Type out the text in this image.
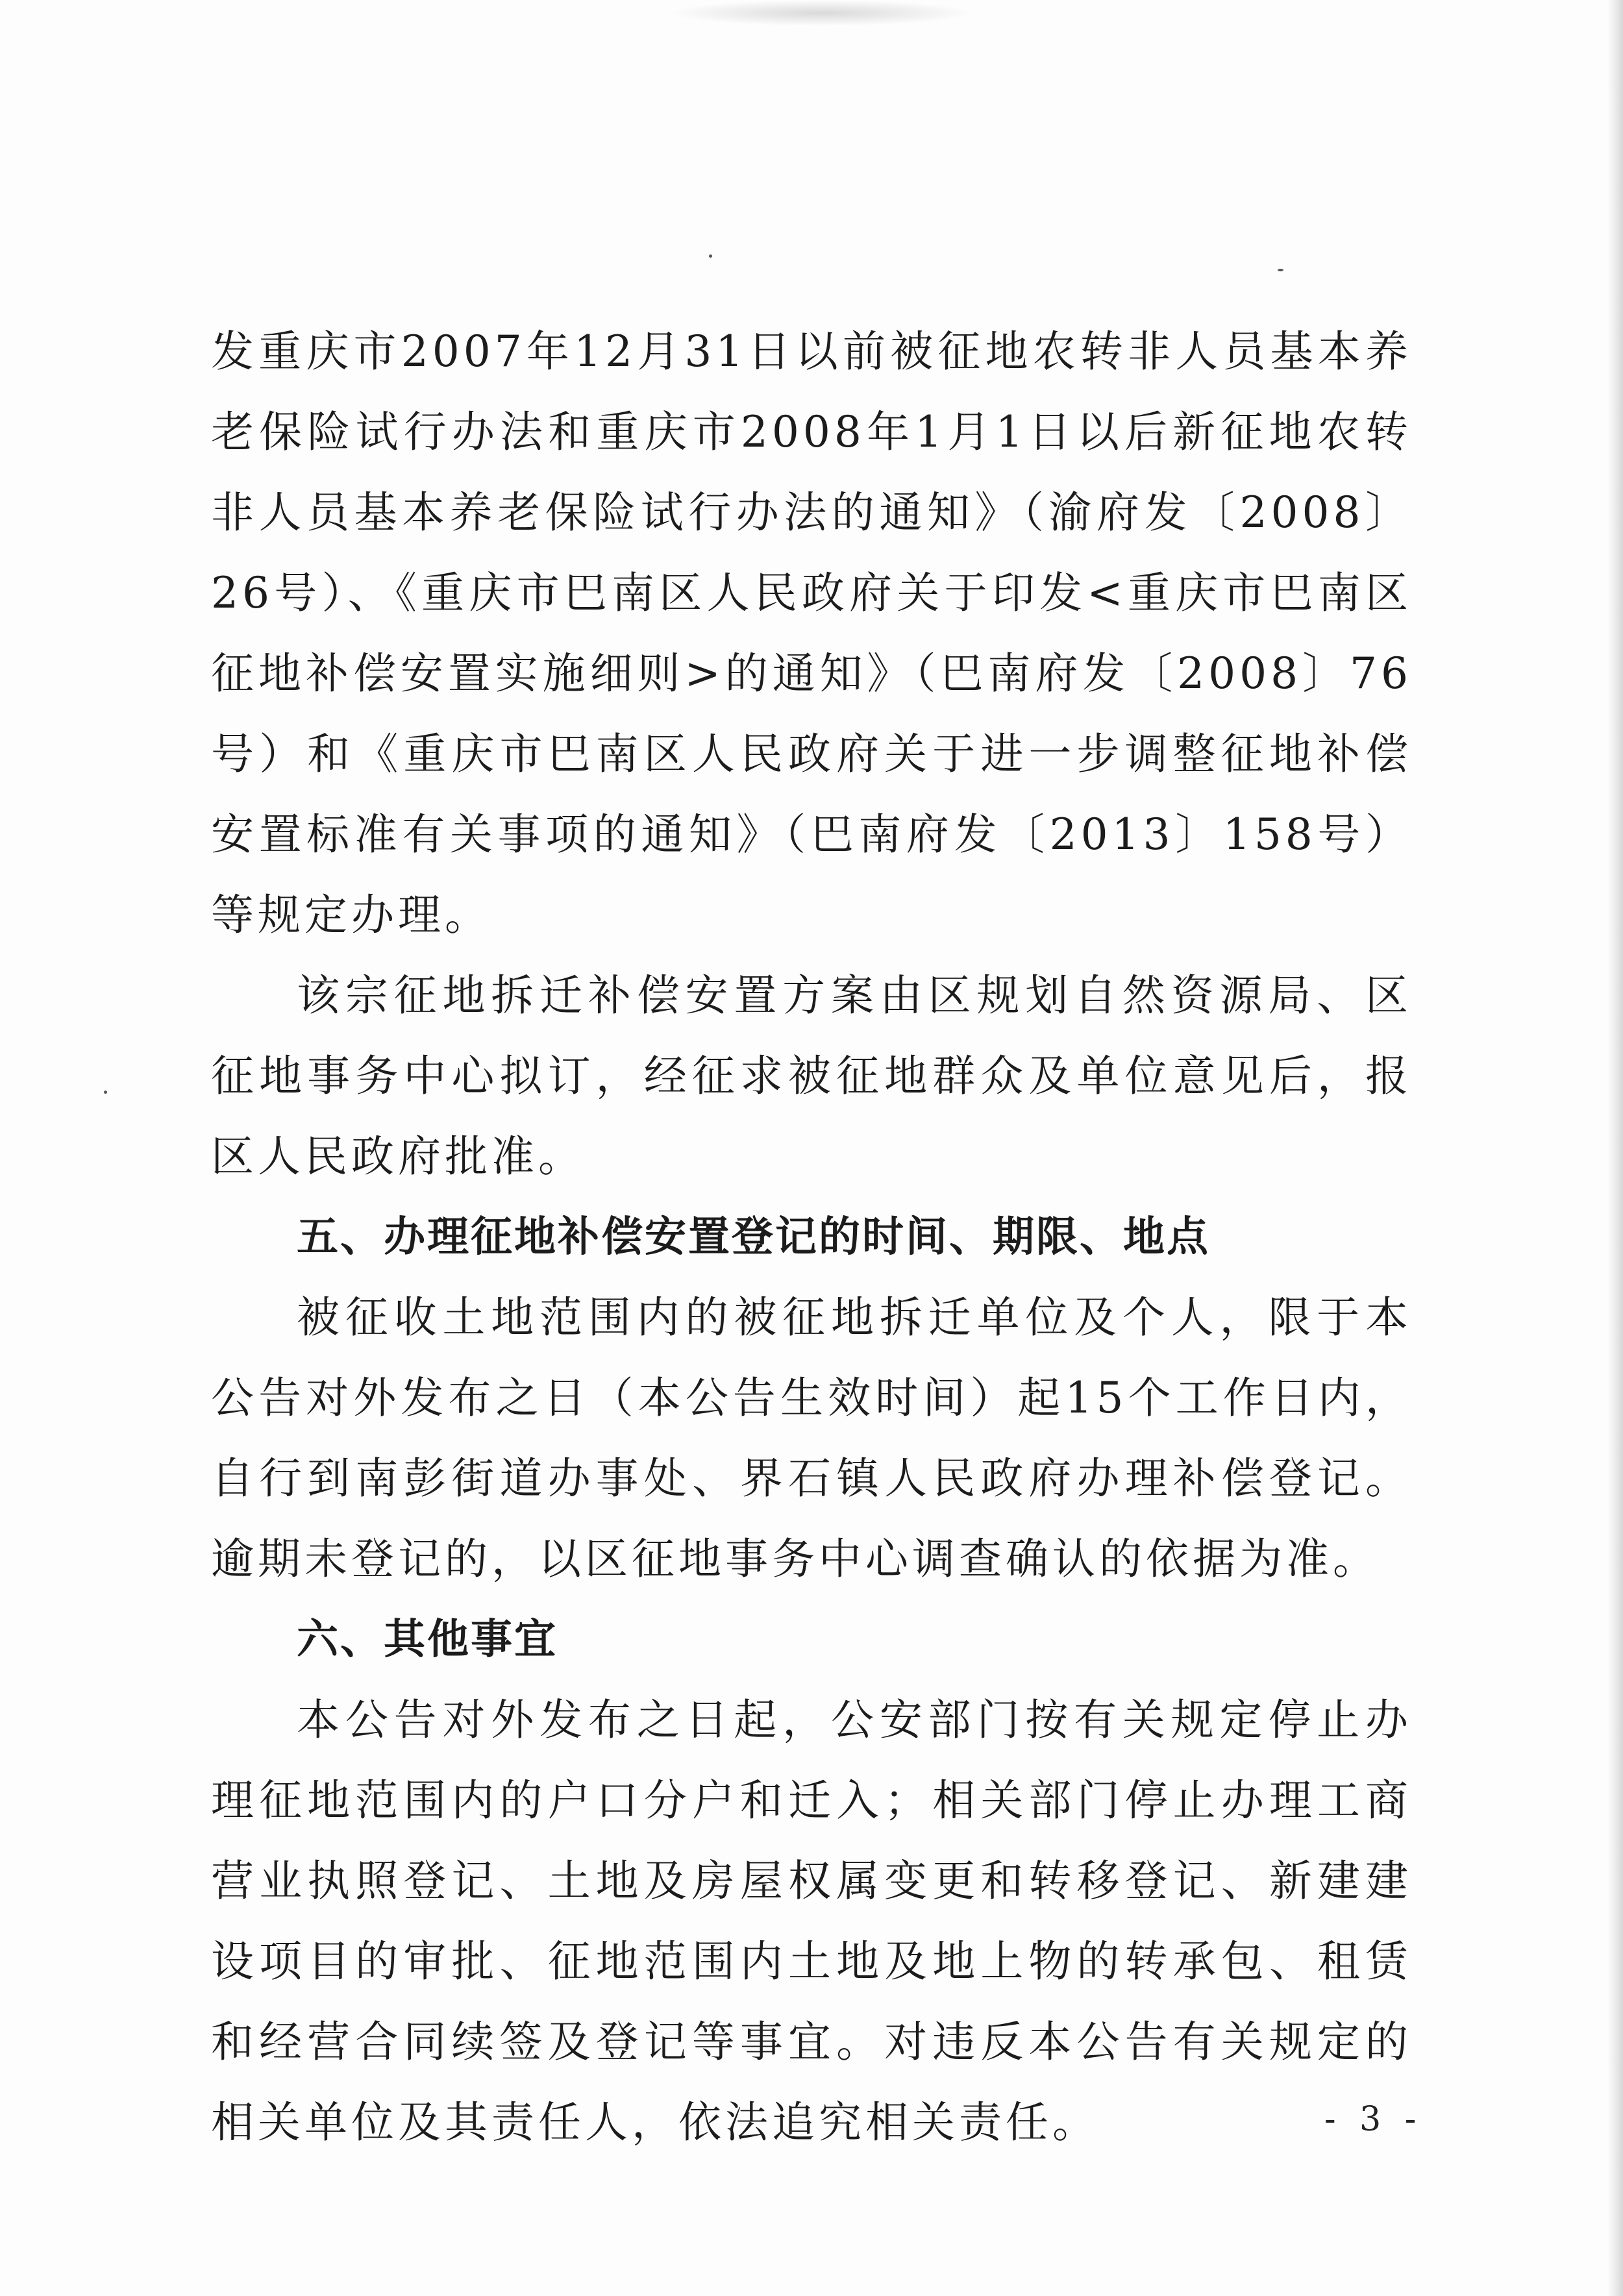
发重庆市2007年12月31日以前被征地农转非人员基本养老保险试行办法和重庆市2008年1月1日以后新征地农转非人员基本养老保险试行办法的通知》（渝府发〔2008〕26号）、《重庆市巴南区人民政府关于印发<重庆市巴南区征地补偿安置实施细则>的通知》（巴南府发〔2008〕76号）和《重庆市巴南区人民政府关于进一步调整征地补偿安置标准有关事项的通知》（巴南府发〔2013〕158号）等规定办理。

该宗征地拆迁补偿安置方案由区规划自然资源局、区征地事务中心拟订，经征求被征地群众及单位意见后，报区人民政府批准。

五、办理征地补偿安置登记的时间、期限、地点

被征收土地范围内的被征地拆迁单位及个人，限于本公告对外发布之日（本公告生效时间）起15个工作日内，自行到南彭街道办事处、界石镇人民政府办理补偿登记。逾期未登记的，以区征地事务中心调查确认的依据为准。

六、其他事宜

本公告对外发布之日起，公安部门按有关规定停止办理征地范围内的户口分户和迁入；相关部门停止办理工商营业执照登记、土地及房屋权属变更和转移登记、新建建设项目的审批、征地范围内土地及地上物的转承包、租赁和经营合同续签及登记等事宜。对违反本公告有关规定的相关单位及其责任人，依法追究相关责任。	- 3 -
